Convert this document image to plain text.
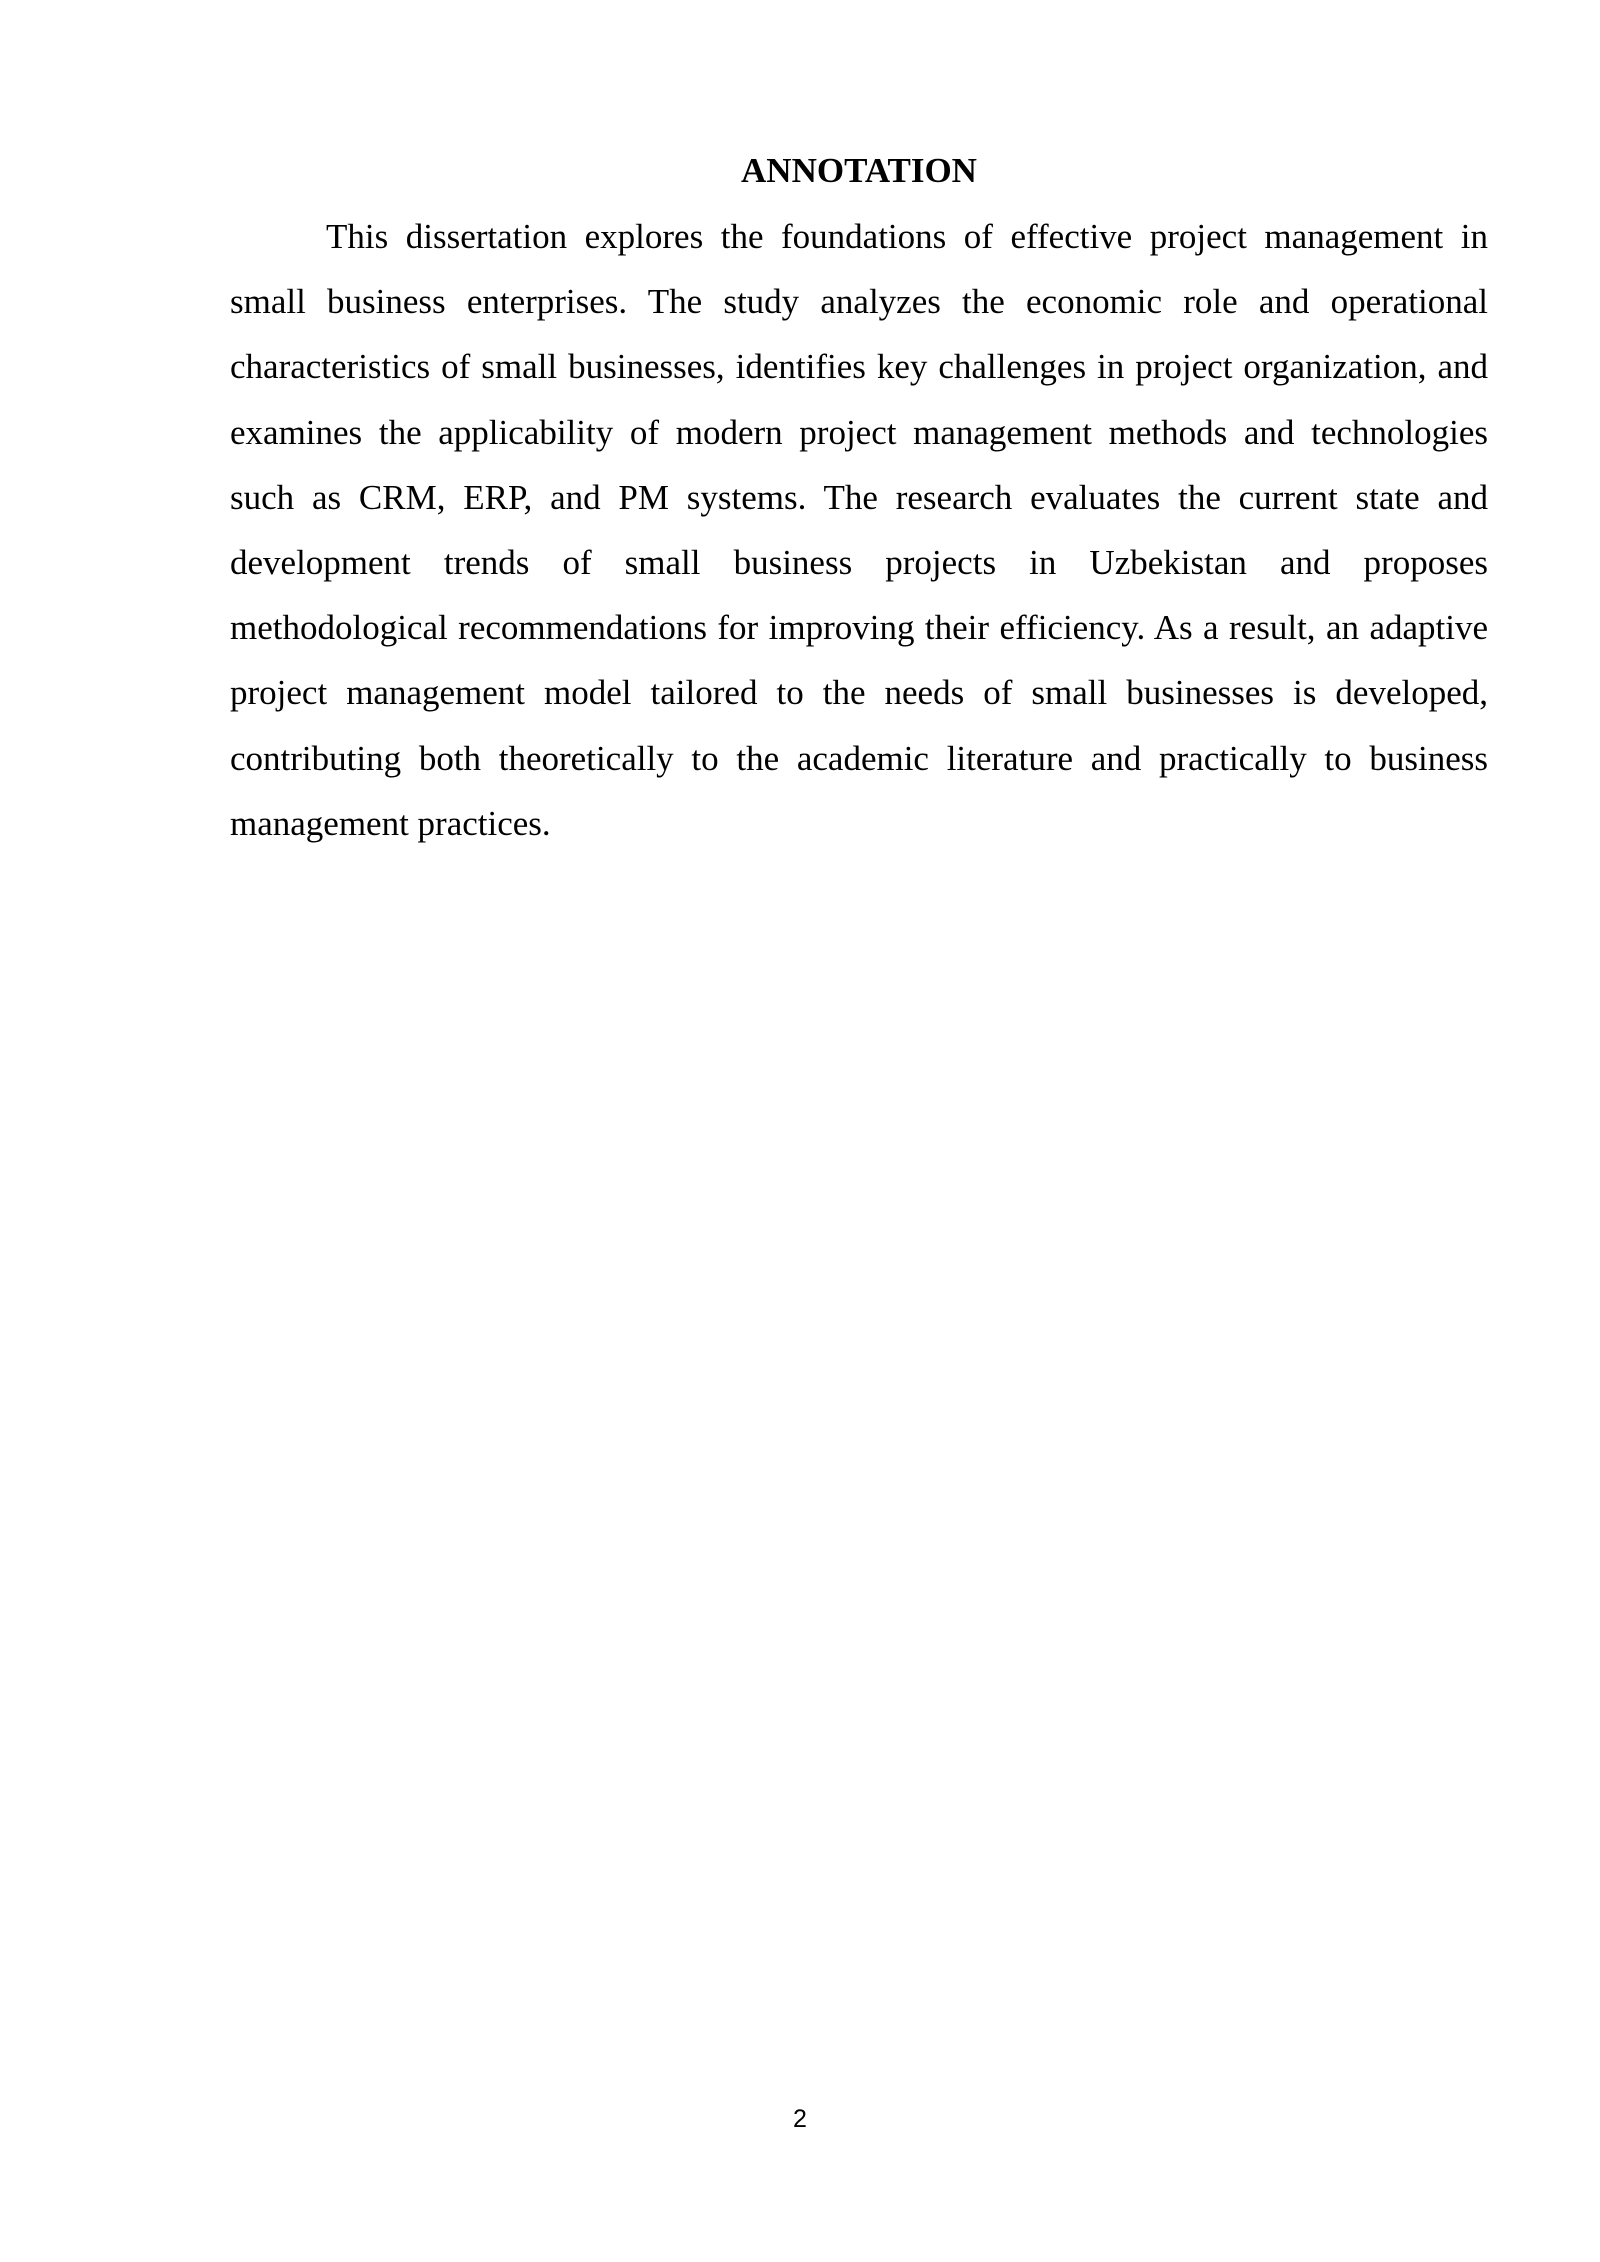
ANNOTATION

This dissertation explores the foundations of effective project management in small business enterprises. The study analyzes the economic role and operational characteristics of small businesses, identifies key challenges in project organization, and examines the applicability of modern project management methods and technologies such as CRM, ERP, and PM systems. The research evaluates the current state and development trends of small business projects in Uzbekistan and proposes methodological recommendations for improving their efficiency. As a result, an adaptive project management model tailored to the needs of small businesses is developed, contributing both theoretically to the academic literature and practically to business management practices.

2
